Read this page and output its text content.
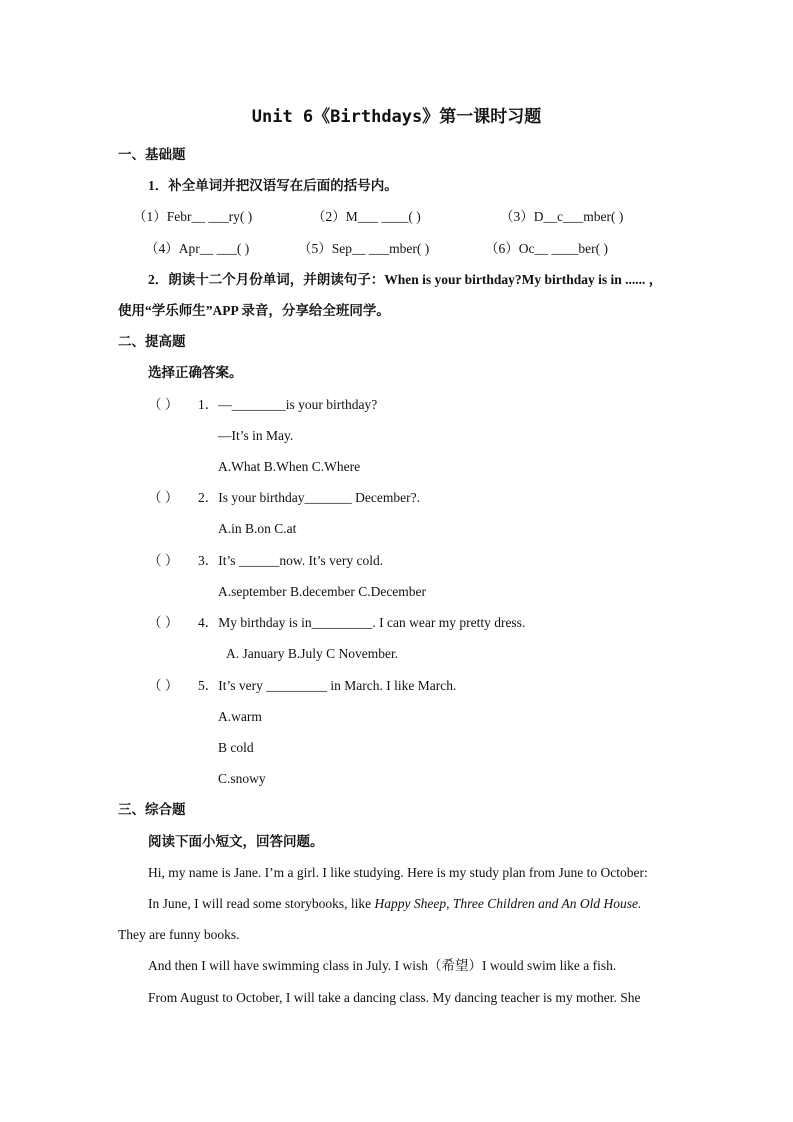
Unit 6《Birthdays》第一课时习题
一、基础题
1．补全单词并把汉语写在后面的括号内。
（1）Febr__ ___ry( )	（2）M___ ____( )	（3）D__c___mber( )
（4）Apr__ ___( )	（5）Sep__ ___mber( )	（6）Oc__ ____ber( )
2．朗读十二个月份单词，并朗读句子：When is your birthday?My birthday is in ...... ，
使用“学乐师生”APP 录音，分享给全班同学。
二、提高题
选择正确答案。
（ ） 1．—________is your birthday?
—It’s in May.
A.What B.When C.Where
（ ） 2．Is your birthday_______ December?.
A.in B.on C.at
（ ） 3．It’s ______now. It’s very cold.
A.september B.december C.December
（ ） 4．My birthday is in_________. I can wear my pretty dress.
A. January B.July C November.
（ ） 5．It’s very _________ in March. I like March.
A.warm
B cold
C.snowy
三、综合题
阅读下面小短文，回答问题。
Hi, my name is Jane. I’m a girl. I like studying. Here is my study plan from June to October:
In June, I will read some storybooks, like Happy Sheep, Three Children and An Old House.
They are funny books.
And then I will have swimming class in July. I wish（希望）I would swim like a fish.
From August to October, I will take a dancing class. My dancing teacher is my mother. She
